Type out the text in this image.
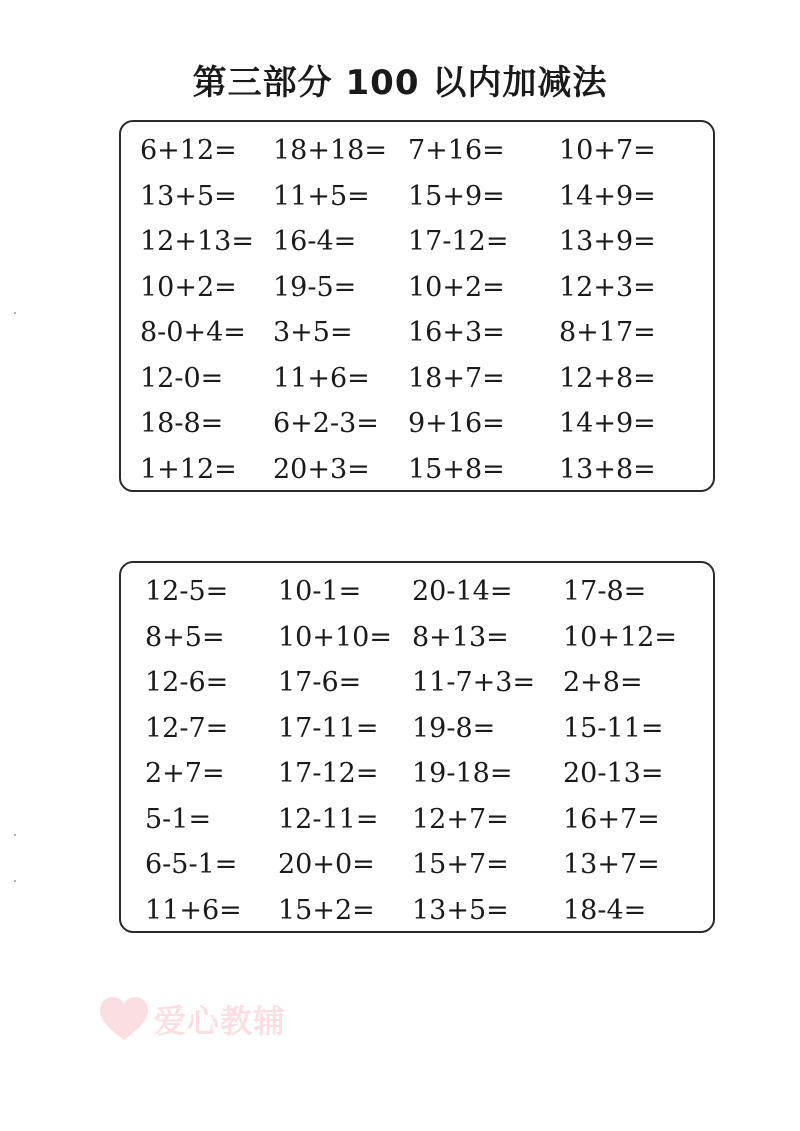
第三部分 100 以内加减法
6+12= 18+18= 7+16= 10+7=
13+5= 11+5= 15+9= 14+9=
12+13= 16-4= 17-12= 13+9=
10+2= 19-5= 10+2= 12+3=
8-0+4= 3+5= 16+3= 8+17=
12-0= 11+6= 18+7= 12+8=
18-8= 6+2-3= 9+16= 14+9=
1+12= 20+3= 15+8= 13+8=
12-5= 10-1= 20-14= 17-8=
8+5= 10+10= 8+13= 10+12=
12-6= 17-6= 11-7+3= 2+8=
12-7= 17-11= 19-8=	15-11=
2+7= 17-12= 19-18= 20-13=
5-1= 12-11= 12+7= 16+7=
6-5-1= 20+0= 15+7= 13+7=
11+6= 15+2= 13+5= 18-4=
爱心教辅
